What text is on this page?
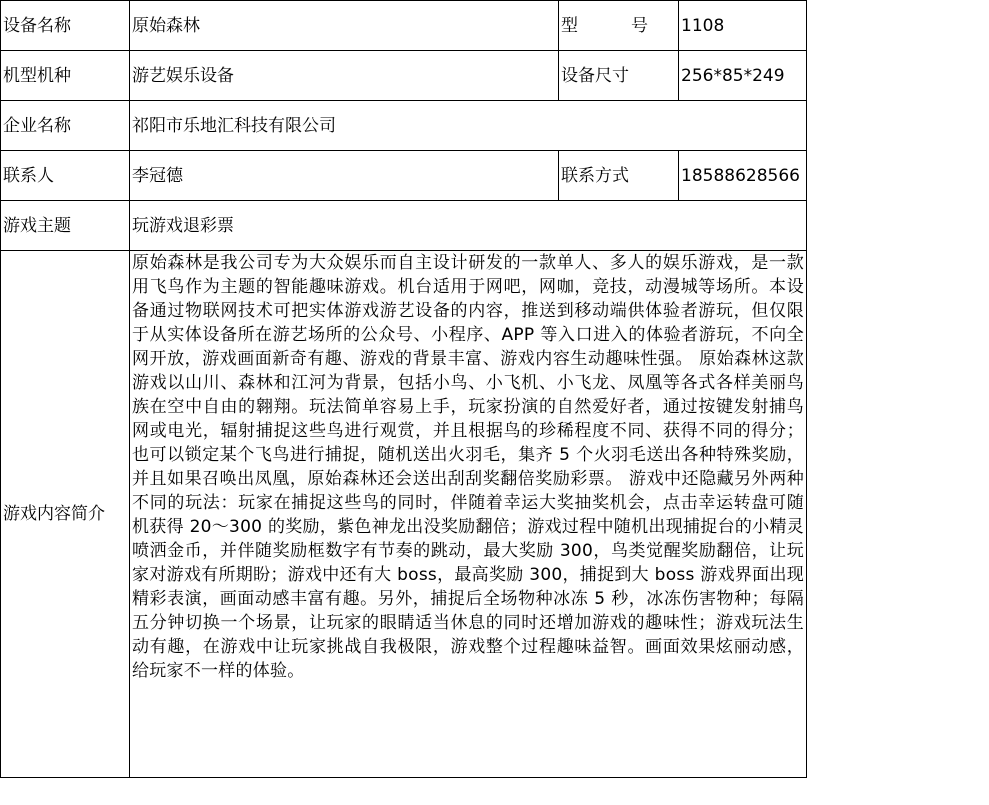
设备名称	原始森林	型 号	1108
机型机种	游艺娱乐设备	设备尺寸	256*85*249
企业名称	祁阳市乐地汇科技有限公司		
联系人	李冠德	联系方式	18588628566
游戏主题	玩游戏退彩票		
游戏内容简介	原始森林是我公司专为大众娱乐而自主设计研发的一款单人、多人的娱乐游戏，是一款用飞鸟作为主题的智能趣味游戏。机台适用于网吧，网咖，竞技，动漫城等场所。本设备通过物联网技术可把实体游戏游艺设备的内容，推送到移动端供体验者游玩，但仅限于从实体设备所在游艺场所的公众号、小程序、APP 等入口进入的体验者游玩，不向全网开放，游戏画面新奇有趣、游戏的背景丰富、游戏内容生动趣味性强。 原始森林这款游戏以山川、森林和江河为背景，包括小鸟、小飞机、小飞龙、凤凰等各式各样美丽鸟族在空中自由的翱翔。玩法简单容易上手，玩家扮演的自然爱好者，通过按键发射捕鸟网或电光，辐射捕捉这些鸟进行观赏，并且根据鸟的珍稀程度不同、获得不同的得分；也可以锁定某个飞鸟进行捕捉，随机送出火羽毛，集齐 5 个火羽毛送出各种特殊奖励，并且如果召唤出凤凰，原始森林还会送出刮刮奖翻倍奖励彩票。 游戏中还隐藏另外两种不同的玩法：玩家在捕捉这些鸟的同时，伴随着幸运大奖抽奖机会，点击幸运转盘可随机获得 20～300 的奖励，紫色神龙出没奖励翻倍；游戏过程中随机出现捕捉台的小精灵喷洒金币，并伴随奖励框数字有节奏的跳动，最大奖励 300，鸟类觉醒奖励翻倍，让玩家对游戏有所期盼；游戏中还有大 boss，最高奖励 300，捕捉到大 boss 游戏界面出现精彩表演，画面动感丰富有趣。另外，捕捉后全场物种冰冻 5 秒，冰冻伤害物种；每隔五分钟切换一个场景，让玩家的眼睛适当休息的同时还增加游戏的趣味性；游戏玩法生动有趣，在游戏中让玩家挑战自我极限，游戏整个过程趣味益智。画面效果炫丽动感，给玩家不一样的体验。		
